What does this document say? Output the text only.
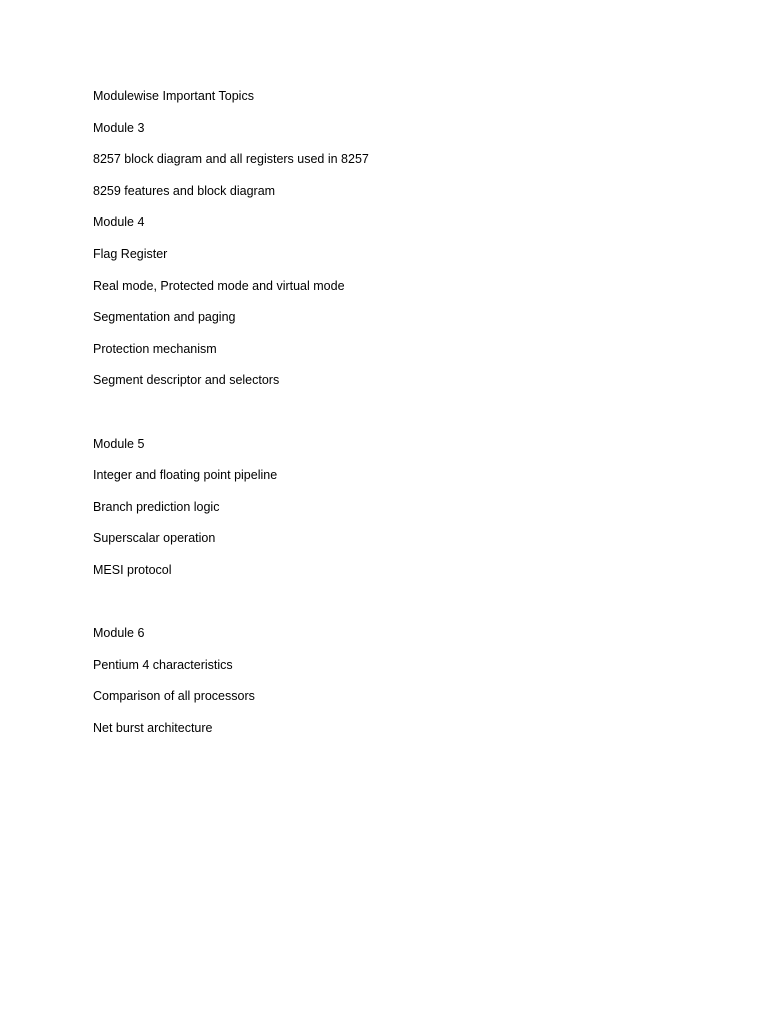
Modulewise Important Topics
Module 3
8257 block diagram and all registers used in 8257
8259 features and block diagram
Module 4
Flag Register
Real mode, Protected mode and virtual mode
Segmentation and paging
Protection mechanism
Segment descriptor and selectors
Module 5
Integer and floating point pipeline
Branch prediction logic
Superscalar operation
MESI protocol
Module 6
Pentium 4 characteristics
Comparison of all processors
Net burst architecture
